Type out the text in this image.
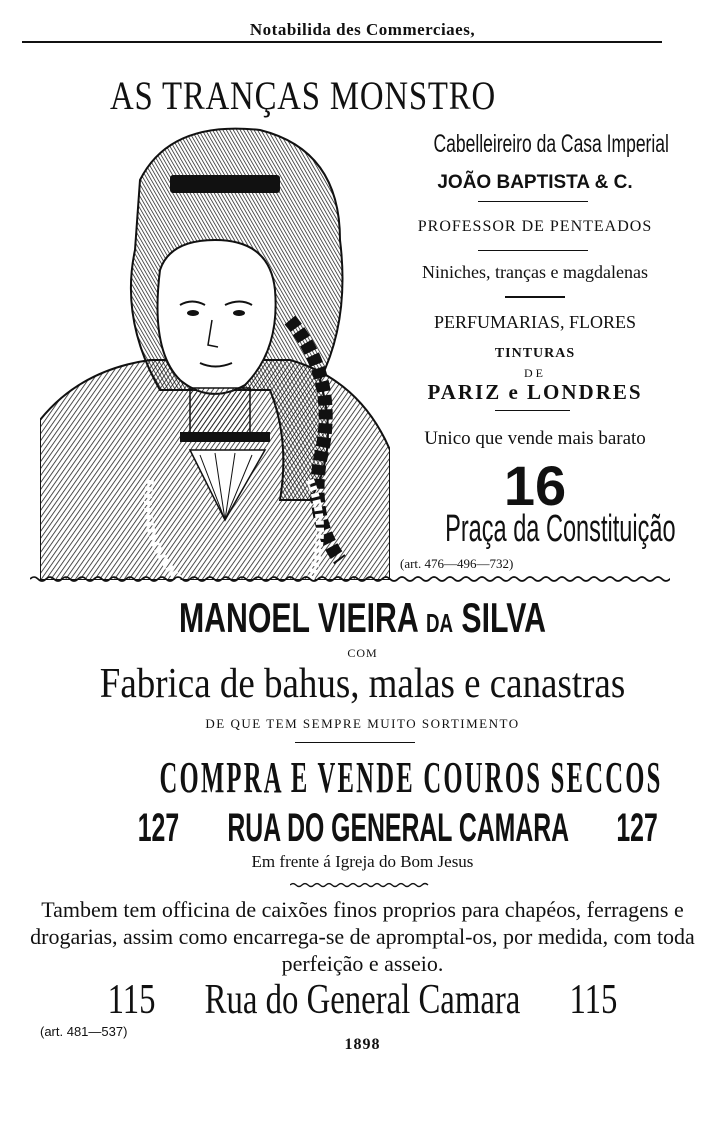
Notabilida des Commerciaes,
AS TRANÇAS MONSTRO
Cabelleireiro da Casa Imperial
JOÃO BAPTISTA & C.
PROFESSOR DE PENTEADOS
Niniches, tranças e magdalenas
PERFUMARIAS, FLORES
TINTURAS
DE
PARIZ e LONDRES
Unico que vende mais barato
16
Praça da Constituição
(art. 476—496—732)
MANOEL VIEIRA DA SILVA
COM
Fabrica de bahus, malas e canastras
DE QUE TEM SEMPRE MUITO SORTIMENTO
COMPRA E VENDE COUROS SECCOS
127 RUA DO GENERAL CAMARA 127
Em frente á Igreja do Bom Jesus
Tambem tem officina de caixões finos proprios para chapéos, ferragens e drogarias, assim como encarrega-se de apromptal-os, por medida, com toda perfeição e asseio.
115 Rua do General Camara 115
(art. 481—537)
1898
